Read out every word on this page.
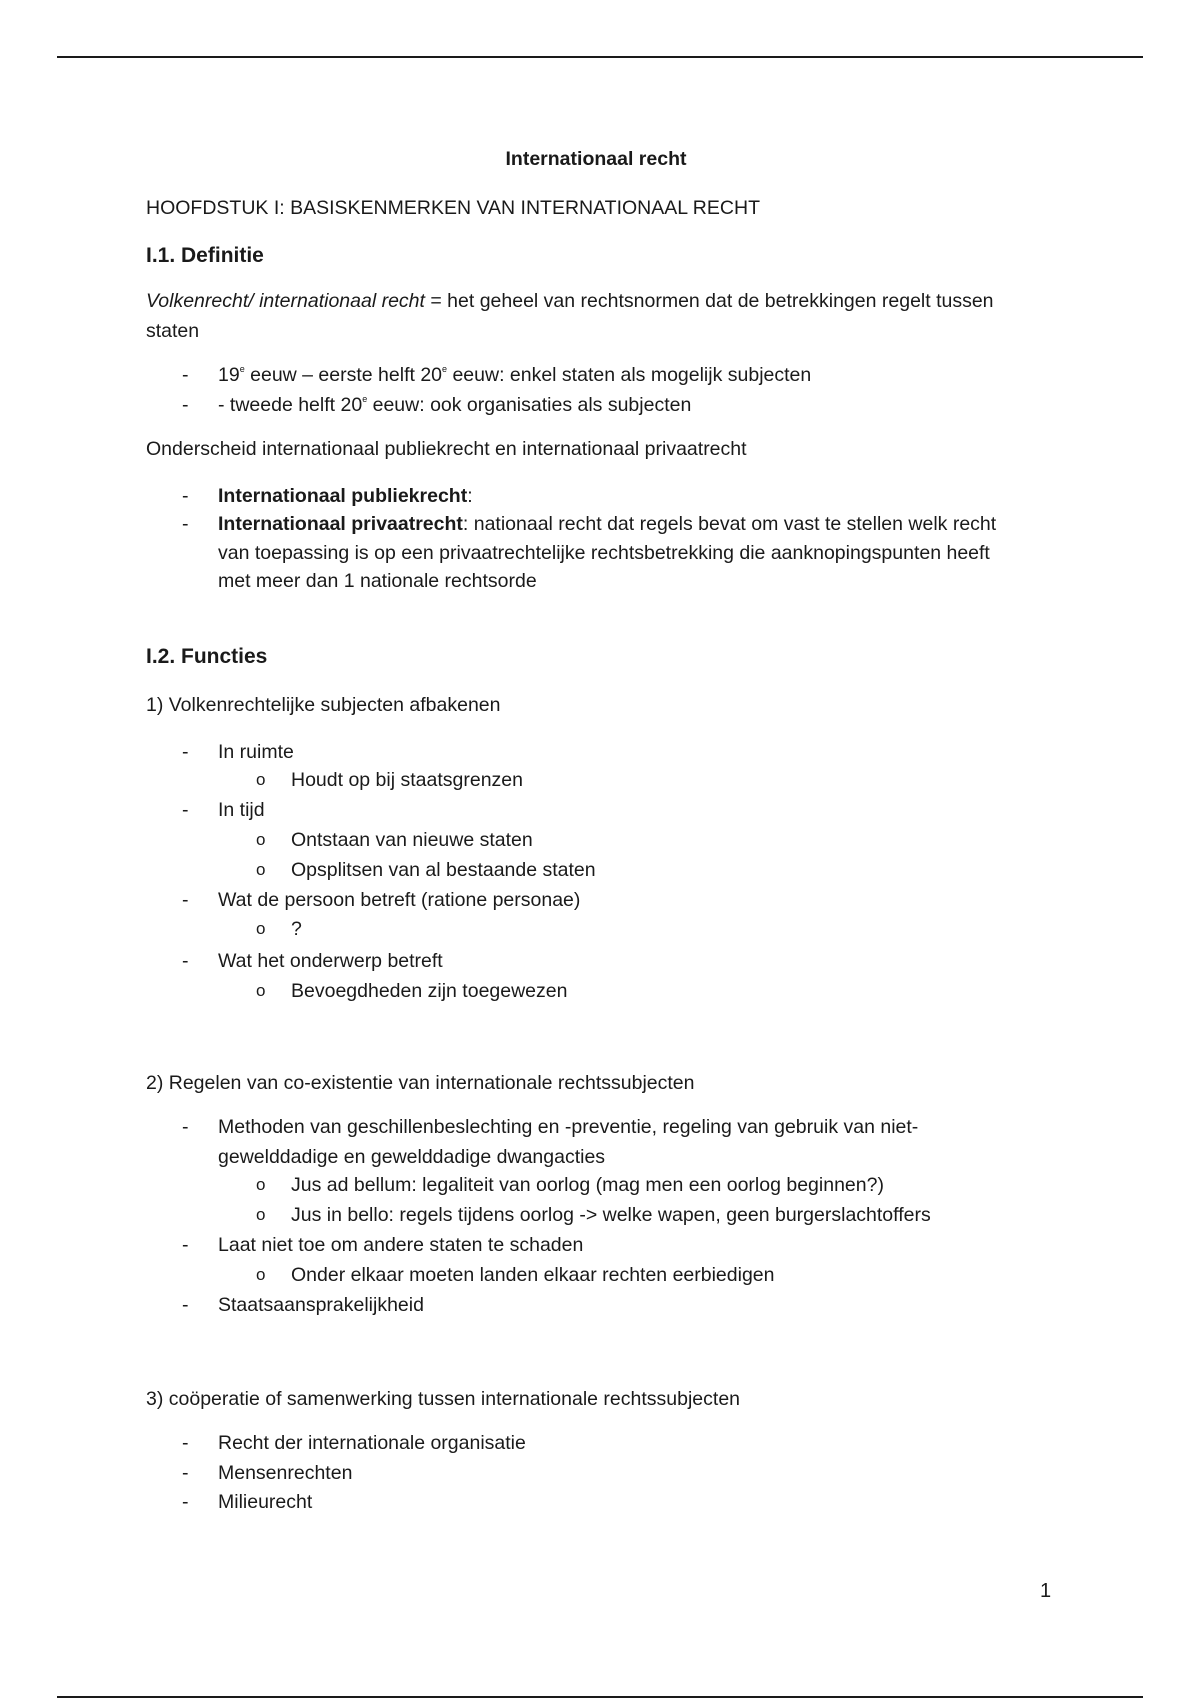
Internationaal recht
HOOFDSTUK I: BASISKENMERKEN VAN INTERNATIONAAL RECHT
I.1. Definitie
Volkenrecht/ internationaal recht = het geheel van rechtsnormen dat de betrekkingen regelt tussen
staten
- 19e eeuw – eerste helft 20e eeuw: enkel staten als mogelijk subjecten
- - tweede helft 20e eeuw: ook organisaties als subjecten
Onderscheid internationaal publiekrecht en internationaal privaatrecht
- Internationaal publiekrecht:
- Internationaal privaatrecht: nationaal recht dat regels bevat om vast te stellen welk recht
van toepassing is op een privaatrechtelijke rechtsbetrekking die aanknopingspunten heeft
met meer dan 1 nationale rechtsorde
I.2. Functies
1) Volkenrechtelijke subjecten afbakenen
- In ruimte
o Houdt op bij staatsgrenzen
- In tijd
o Ontstaan van nieuwe staten
o Opsplitsen van al bestaande staten
- Wat de persoon betreft (ratione personae)
o ?
- Wat het onderwerp betreft
o Bevoegdheden zijn toegewezen
2) Regelen van co-existentie van internationale rechtssubjecten
- Methoden van geschillenbeslechting en -preventie, regeling van gebruik van niet-
gewelddadige en gewelddadige dwangacties
o Jus ad bellum: legaliteit van oorlog (mag men een oorlog beginnen?)
o Jus in bello: regels tijdens oorlog -> welke wapen, geen burgerslachtoffers
- Laat niet toe om andere staten te schaden
o Onder elkaar moeten landen elkaar rechten eerbiedigen
- Staatsaansprakelijkheid
3) coöperatie of samenwerking tussen internationale rechtssubjecten
- Recht der internationale organisatie
- Mensenrechten
- Milieurecht
1
